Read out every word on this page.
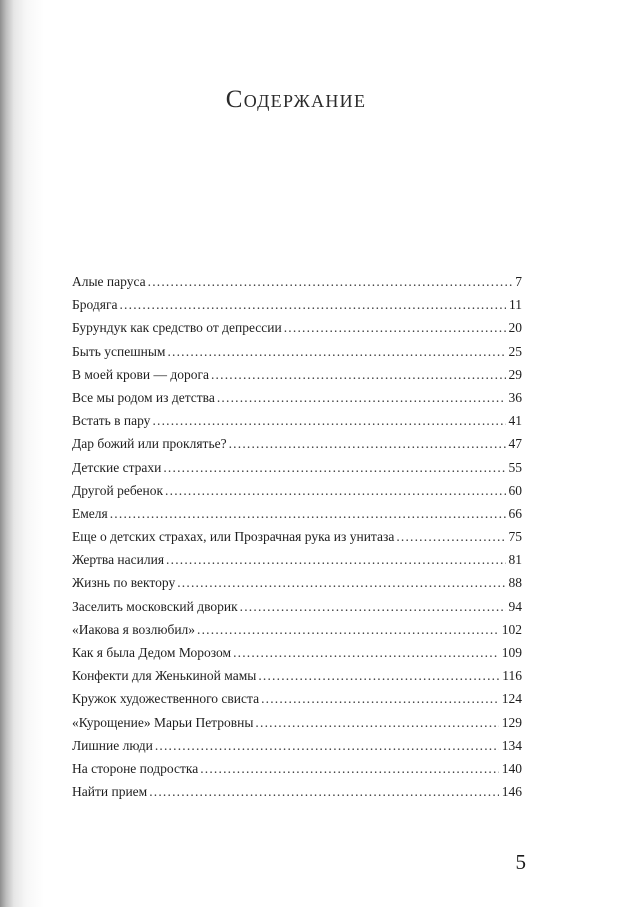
Содержание
Алые паруса .....	7
Бродяга .....	11
Бурундук как средство от депрессии .....	20
Быть успешным .....	25
В моей крови — дорога .....	29
Все мы родом из детства .....	36
Встать в пару .....	41
Дар божий или проклятье? .....	47
Детские страхи .....	55
Другой ребенок .....	60
Емеля .....	66
Еще о детских страхах, или Прозрачная рука из унитаза .....	75
Жертва насилия .....	81
Жизнь по вектору .....	88
Заселить московский дворик .....	94
«Иакова я возлюбил» .....	102
Как я была Дедом Морозом .....	109
Конфекти для Женькиной мамы .....	116
Кружок художественного свиста .....	124
«Курощение» Марьи Петровны .....	129
Лишние люди .....	134
На стороне подростка .....	140
Найти прием .....	146
5
